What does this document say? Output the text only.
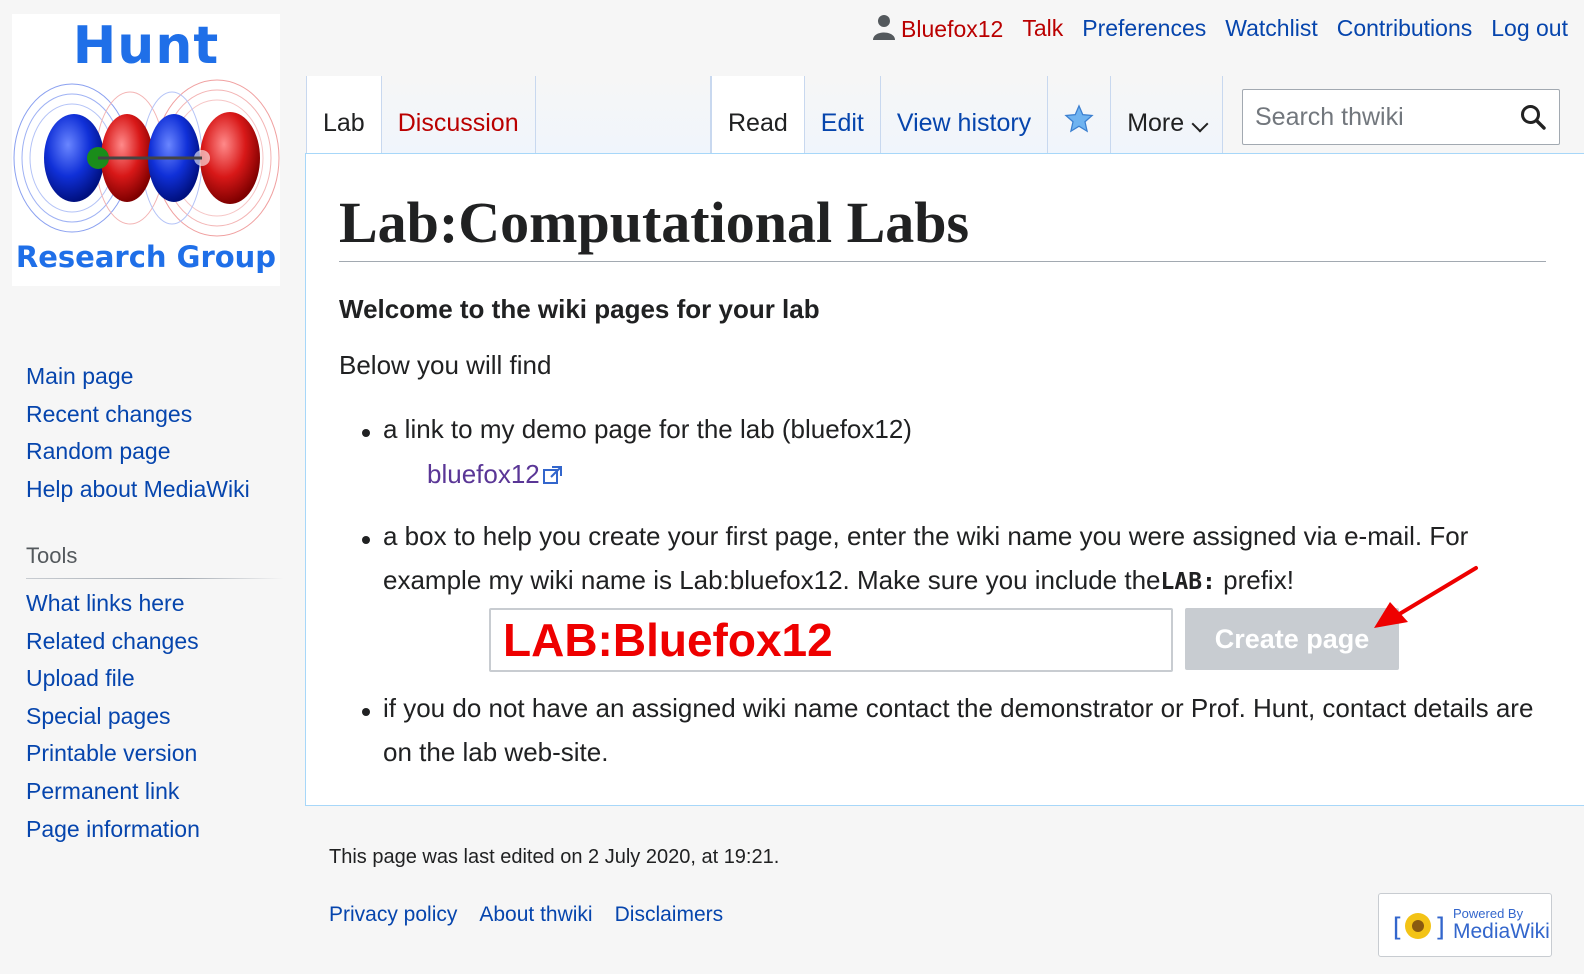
Hunt
Research Group
Bluefox12 Talk Preferences Watchlist Contributions Log out
Lab Discussion	Read Edit View history	More
Search thwiki
Lab:Computational Labs
Welcome to the wiki pages for your lab
Below you will find
a link to my demo page for the lab (bluefox12)
bluefox12
a box to help you create your first page, enter the wiki name you were assigned via e-mail. For example my wiki name is Lab:bluefox12. Make sure you include theLAB: prefix!
LAB:Bluefox12	Create page
if you do not have an assigned wiki name contact the demonstrator or Prof. Hunt, contact details are on the lab web-site.
Main page
Recent changes
Random page
Help about MediaWiki
Tools
What links here
Related changes
Upload file
Special pages
Printable version
Permanent link
Page information
This page was last edited on 2 July 2020, at 19:21.
Privacy policy About thwiki Disclaimers	[ ] Powered By
MediaWiki
